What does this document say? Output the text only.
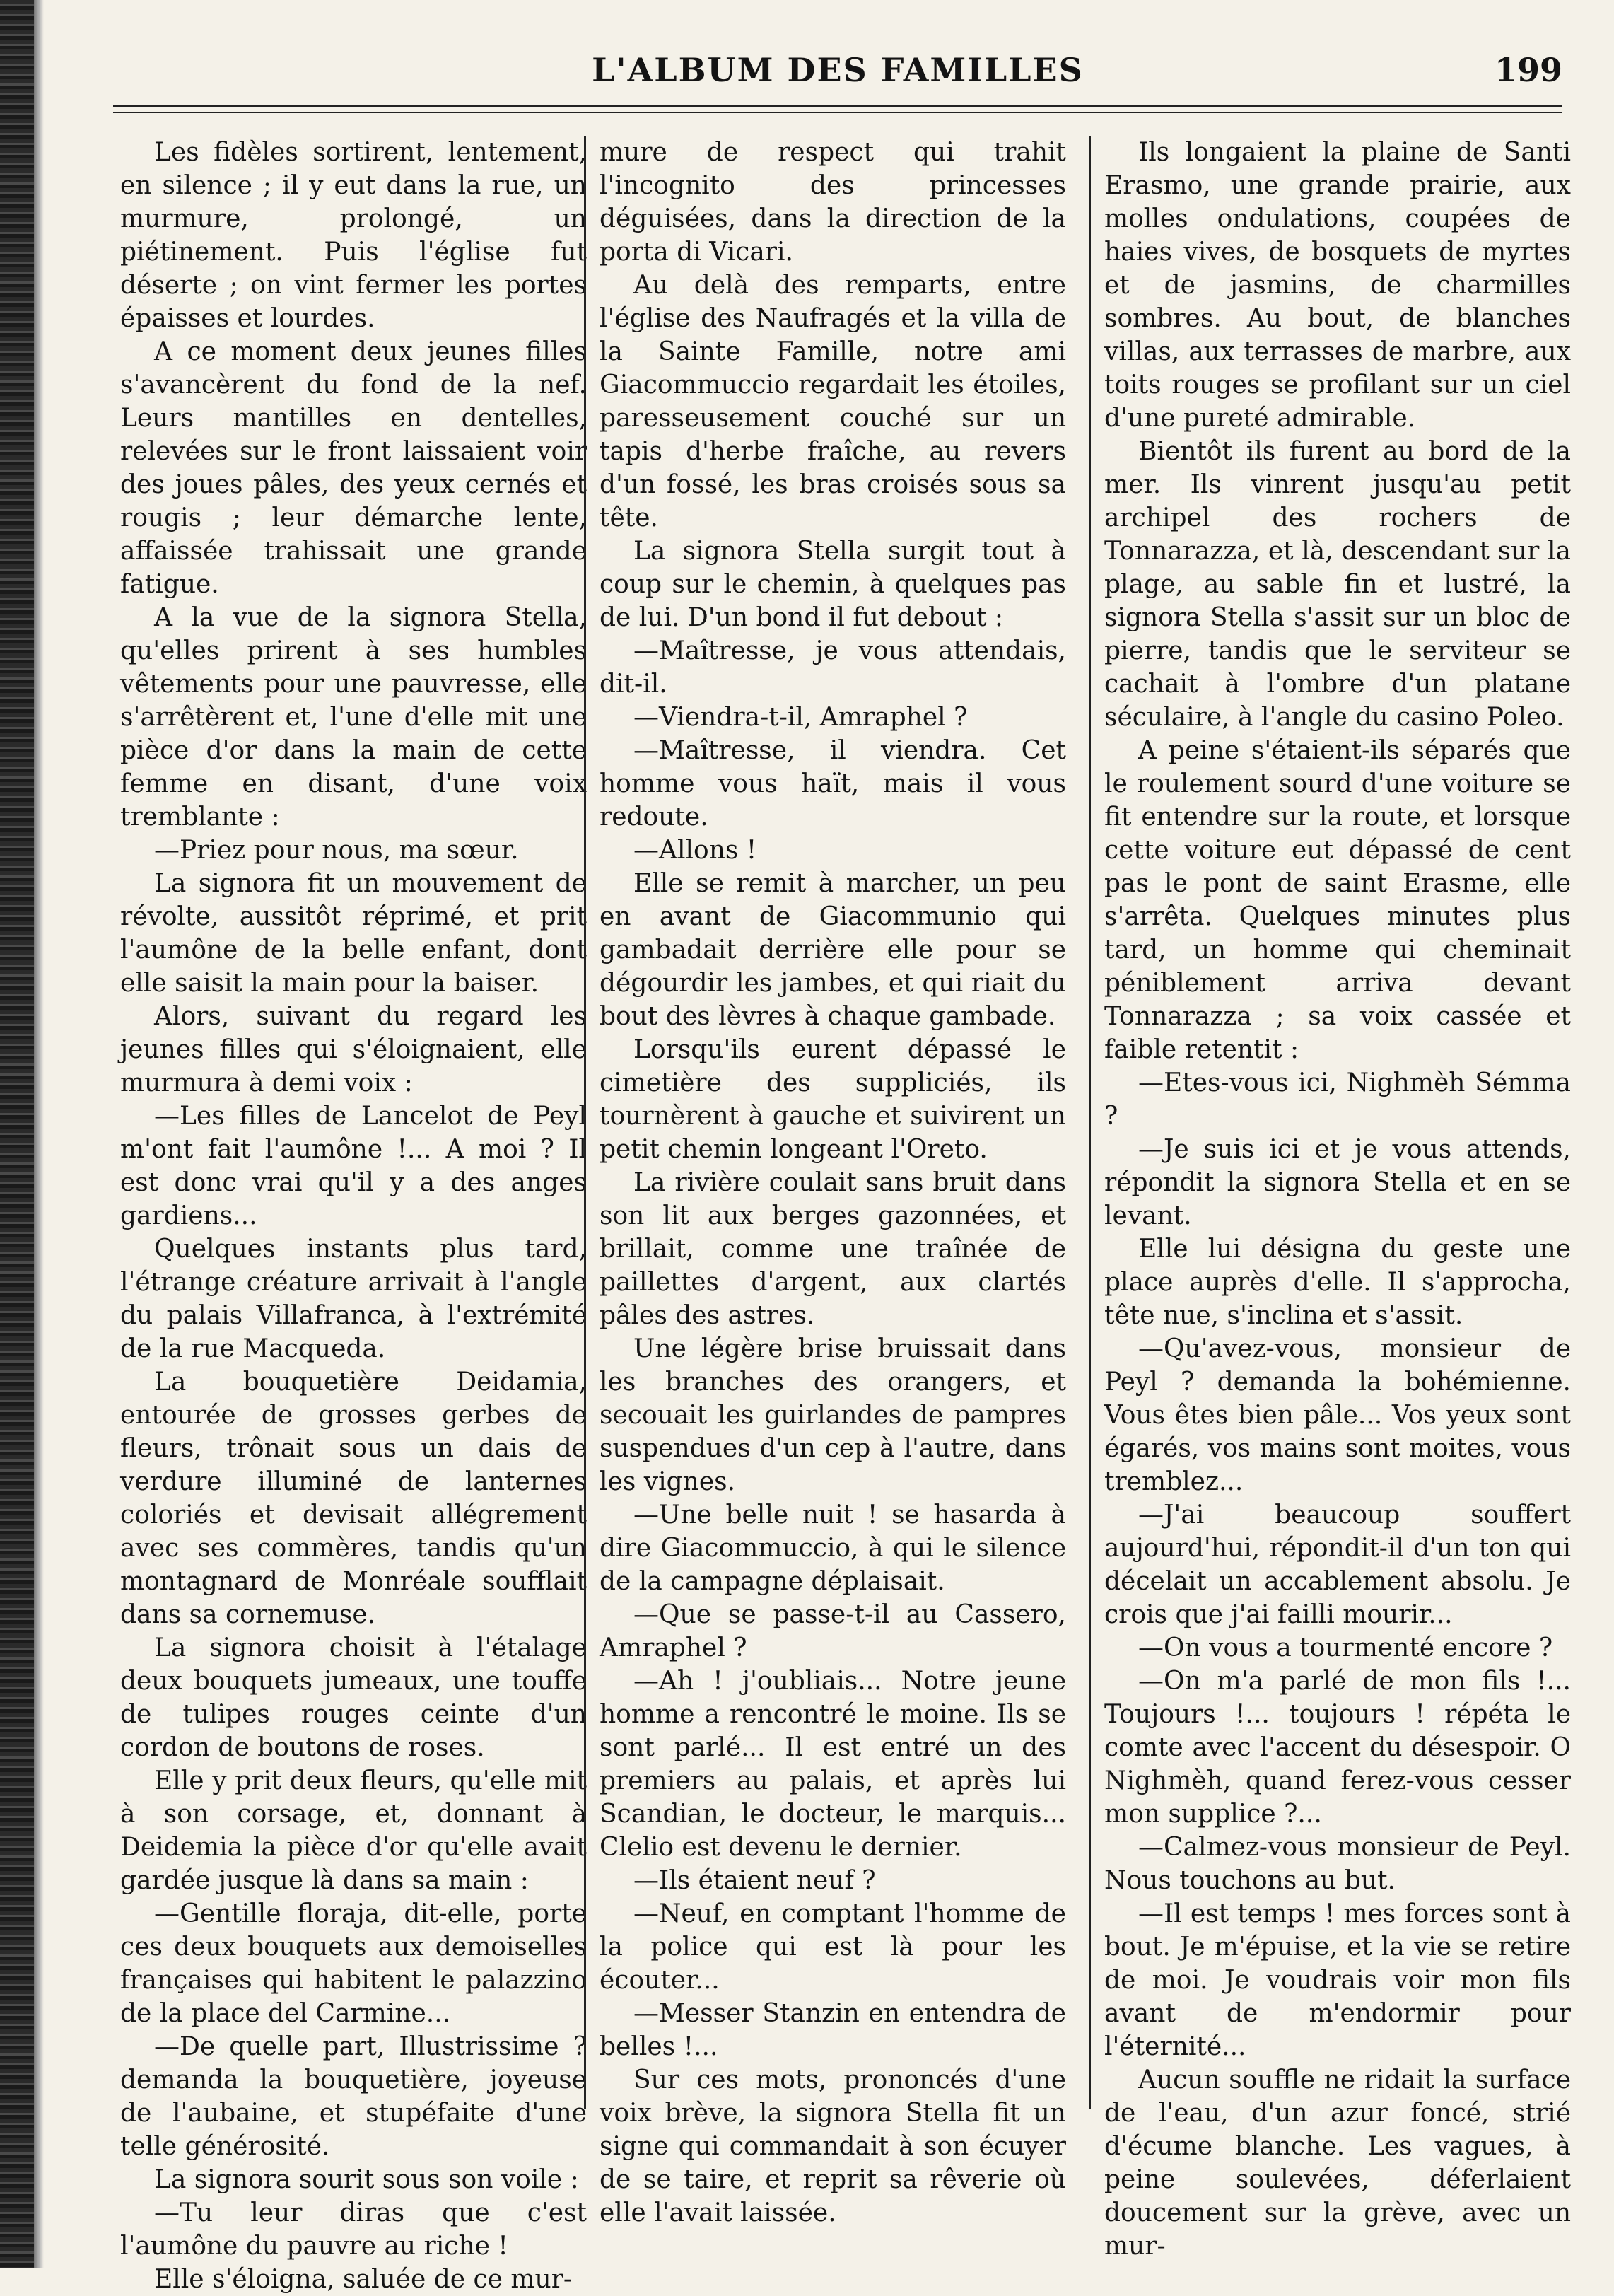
L'ALBUM DES FAMILLES	199

Les fidèles sortirent, lentement, en silence ; il y eut dans la rue, un murmure, prolongé, un piétinement. Puis l'église fut déserte ; on vint fermer les portes épaisses et lourdes.

A ce moment deux jeunes filles s'avancèrent du fond de la nef. Leurs mantilles en dentelles, relevées sur le front laissaient voir des joues pâles, des yeux cernés et rougis ; leur démarche lente, affaissée trahissait une grande fatigue.

A la vue de la signora Stella, qu'elles prirent à ses humbles vêtements pour une pauvresse, elle s'arrêtèrent et, l'une d'elle mit une pièce d'or dans la main de cette femme en disant, d'une voix tremblante :

—Priez pour nous, ma sœur.

La signora fit un mouvement de révolte, aussitôt réprimé, et prit l'aumône de la belle enfant, dont elle saisit la main pour la baiser.

Alors, suivant du regard les jeunes filles qui s'éloignaient, elle murmura à demi voix :

—Les filles de Lancelot de Peyl m'ont fait l'aumône !... A moi ? Il est donc vrai qu'il y a des anges gardiens...

Quelques instants plus tard, l'étrange créature arrivait à l'angle du palais Villafranca, à l'extrémité de la rue Macqueda.

La bouquetière Deidamia, entourée de grosses gerbes de fleurs, trônait sous un dais de verdure illuminé de lanternes coloriés et devisait allégrement avec ses commères, tandis qu'un montagnard de Monréale soufflait dans sa cornemuse.

La signora choisit à l'étalage deux bouquets jumeaux, une touffe de tulipes rouges ceinte d'un cordon de boutons de roses.

Elle y prit deux fleurs, qu'elle mit à son corsage, et, donnant à Deidemia la pièce d'or qu'elle avait gardée jusque là dans sa main :

—Gentille floraja, dit-elle, porte ces deux bouquets aux demoiselles françaises qui habitent le palazzino de la place del Carmine...

—De quelle part, Illustrissime ? demanda la bouquetière, joyeuse de l'aubaine, et stupéfaite d'une telle générosité.

La signora sourit sous son voile :

—Tu leur diras que c'est l'aumône du pauvre au riche !

Elle s'éloigna, saluée de ce mur-

mure de respect qui trahit l'incognito des princesses déguisées, dans la direction de la porta di Vicari.

Au delà des remparts, entre l'église des Naufragés et la villa de la Sainte Famille, notre ami Giacommuccio regardait les étoiles, paresseusement couché sur un tapis d'herbe fraîche, au revers d'un fossé, les bras croisés sous sa tête.

La signora Stella surgit tout à coup sur le chemin, à quelques pas de lui. D'un bond il fut debout :

—Maîtresse, je vous attendais, dit-il.

—Viendra-t-il, Amraphel ?

—Maîtresse, il viendra. Cet homme vous haït, mais il vous redoute.

—Allons !

Elle se remit à marcher, un peu en avant de Giacommunio qui gambadait derrière elle pour se dégourdir les jambes, et qui riait du bout des lèvres à chaque gambade.

Lorsqu'ils eurent dépassé le cimetière des suppliciés, ils tournèrent à gauche et suivirent un petit chemin longeant l'Oreto.

La rivière coulait sans bruit dans son lit aux berges gazonnées, et brillait, comme une traînée de paillettes d'argent, aux clartés pâles des astres.

Une légère brise bruissait dans les branches des orangers, et secouait les guirlandes de pampres suspendues d'un cep à l'autre, dans les vignes.

—Une belle nuit ! se hasarda à dire Giacommuccio, à qui le silence de la campagne déplaisait.

—Que se passe-t-il au Cassero, Amraphel ?

—Ah ! j'oubliais... Notre jeune homme a rencontré le moine. Ils se sont parlé... Il est entré un des premiers au palais, et après lui Scandian, le docteur, le marquis... Clelio est devenu le dernier.

—Ils étaient neuf ?

—Neuf, en comptant l'homme de la police qui est là pour les écouter...

—Messer Stanzin en entendra de belles !...

Sur ces mots, prononcés d'une voix brève, la signora Stella fit un signe qui commandait à son écuyer de se taire, et reprit sa rêverie où elle l'avait laissée.

Ils longaient la plaine de Santi Erasmo, une grande prairie, aux molles ondulations, coupées de haies vives, de bosquets de myrtes et de jasmins, de charmilles sombres. Au bout, de blanches villas, aux terrasses de marbre, aux toits rouges se profilant sur un ciel d'une pureté admirable.

Bientôt ils furent au bord de la mer. Ils vinrent jusqu'au petit archipel des rochers de Tonnarazza, et là, descendant sur la plage, au sable fin et lustré, la signora Stella s'assit sur un bloc de pierre, tandis que le serviteur se cachait à l'ombre d'un platane séculaire, à l'angle du casino Poleo.

A peine s'étaient-ils séparés que le roulement sourd d'une voiture se fit entendre sur la route, et lorsque cette voiture eut dépassé de cent pas le pont de saint Erasme, elle s'arrêta. Quelques minutes plus tard, un homme qui cheminait péniblement arriva devant Tonnarazza ; sa voix cassée et faible retentit :

—Etes-vous ici, Nighmèh Sémma ?

—Je suis ici et je vous attends, répondit la signora Stella et en se levant.

Elle lui désigna du geste une place auprès d'elle. Il s'approcha, tête nue, s'inclina et s'assit.

—Qu'avez-vous, monsieur de Peyl ? demanda la bohémienne. Vous êtes bien pâle... Vos yeux sont égarés, vos mains sont moites, vous tremblez...

—J'ai beaucoup souffert aujourd'hui, répondit-il d'un ton qui décelait un accablement absolu. Je crois que j'ai failli mourir...

—On vous a tourmenté encore ?

—On m'a parlé de mon fils !... Toujours !... toujours ! répéta le comte avec l'accent du désespoir. O Nighmèh, quand ferez-vous cesser mon supplice ?...

—Calmez-vous monsieur de Peyl. Nous touchons au but.

—Il est temps ! mes forces sont à bout. Je m'épuise, et la vie se retire de moi. Je voudrais voir mon fils avant de m'endormir pour l'éternité...

Aucun souffle ne ridait la surface de l'eau, d'un azur foncé, strié d'écume blanche. Les vagues, à peine soulevées, déferlaient doucement sur la grève, avec un mur-
